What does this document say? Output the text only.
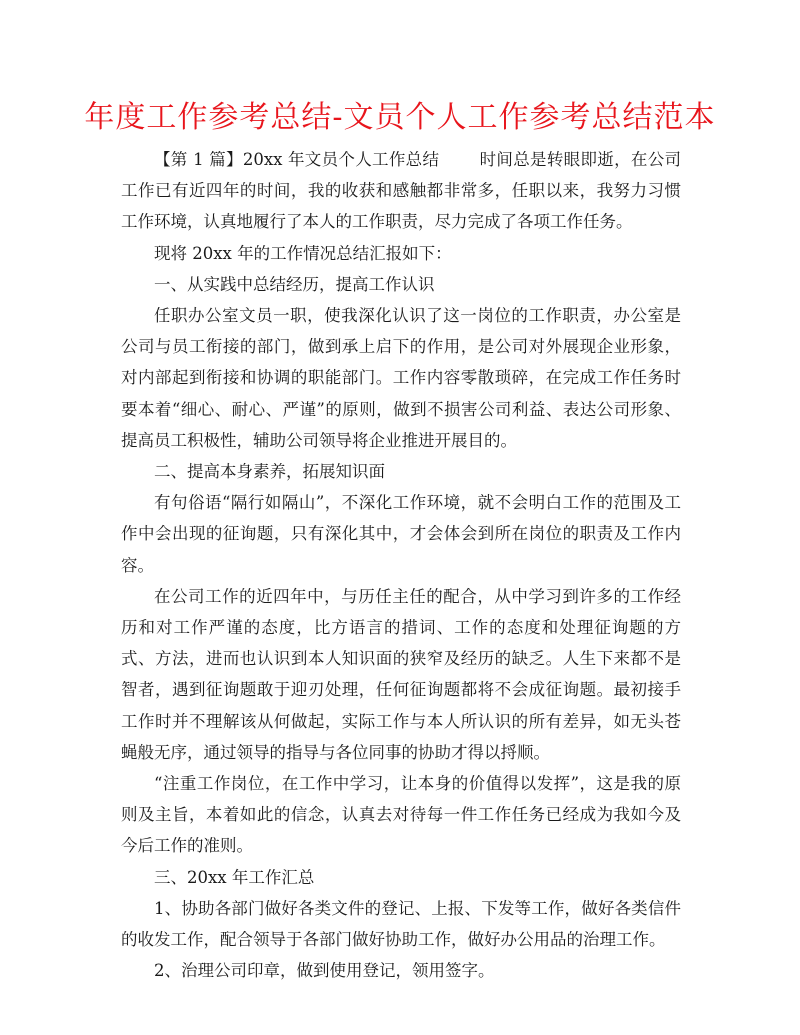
年度工作参考总结-文员个人工作参考总结范本

【第 1 篇】20xx 年文员个人工作总结 时间总是转眼即逝，在公司工作已有近四年的时间，我的收获和感触都非常多，任职以来，我努力习惯工作环境，认真地履行了本人的工作职责，尽力完成了各项工作任务。

现将 20xx 年的工作情况总结汇报如下：

一、从实践中总结经历，提高工作认识

任职办公室文员一职，使我深化认识了这一岗位的工作职责，办公室是公司与员工衔接的部门，做到承上启下的作用，是公司对外展现企业形象，对内部起到衔接和协调的职能部门。工作内容零散琐碎，在完成工作任务时要本着“细心、耐心、严谨”的原则，做到不损害公司利益、表达公司形象、提高员工积极性，辅助公司领导将企业推进开展目的。

二、提高本身素养，拓展知识面

有句俗语“隔行如隔山”，不深化工作环境，就不会明白工作的范围及工作中会出现的征询题，只有深化其中，才会体会到所在岗位的职责及工作内容。

在公司工作的近四年中，与历任主任的配合，从中学习到许多的工作经历和对工作严谨的态度，比方语言的措词、工作的态度和处理征询题的方式、方法，进而也认识到本人知识面的狭窄及经历的缺乏。人生下来都不是智者，遇到征询题敢于迎刃处理，任何征询题都将不会成征询题。最初接手工作时并不理解该从何做起，实际工作与本人所认识的所有差异，如无头苍蝇般无序，通过领导的指导与各位同事的协助才得以捋顺。

“注重工作岗位，在工作中学习，让本身的价值得以发挥”，这是我的原则及主旨，本着如此的信念，认真去对待每一件工作任务已经成为我如今及今后工作的准则。

三、20xx 年工作汇总

1、协助各部门做好各类文件的登记、上报、下发等工作，做好各类信件的收发工作，配合领导于各部门做好协助工作，做好办公用品的治理工作。

2、治理公司印章，做到使用登记，领用签字。
